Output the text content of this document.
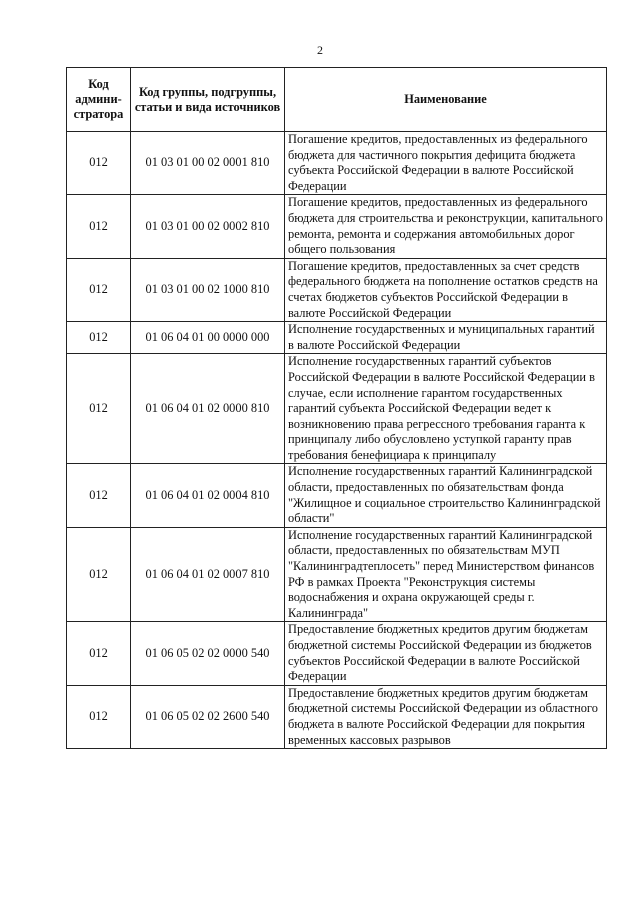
2
Код админи-стратора	Код группы, подгруппы, статьи и вида источников	Наименование
012	01 03 01 00 02 0001 810	Погашение кредитов, предоставленных из федерального бюджета для частичного покрытия дефицита бюджета субъекта Российской Федерации в валюте Российской Федерации
012	01 03 01 00 02 0002 810	Погашение кредитов, предоставленных из федерального бюджета для строительства и реконструкции, капитального ремонта, ремонта и содержания автомобильных дорог общего пользования
012	01 03 01 00 02 1000 810	Погашение кредитов, предоставленных за счет средств федерального бюджета на пополнение остатков средств на счетах бюджетов субъектов Российской Федерации в валюте Российской Федерации
012	01 06 04 01 00 0000 000	Исполнение государственных и муниципальных гарантий в валюте Российской Федерации
012	01 06 04 01 02 0000 810	Исполнение государственных гарантий субъектов Российской Федерации в валюте Российской Федерации в случае, если исполнение гарантом государственных гарантий субъекта Российской Федерации ведет к возникновению права регрессного требования гаранта к принципалу либо обусловлено уступкой гаранту прав требования бенефициара к принципалу
012	01 06 04 01 02 0004 810	Исполнение государственных гарантий Калининградской области, предоставленных по обязательствам фонда "Жилищное и социальное строительство Калининградской области"
012	01 06 04 01 02 0007 810	Исполнение государственных гарантий Калининградской области, предоставленных по обязательствам МУП "Калининградтеплосеть" перед Министерством финансов РФ в рамках Проекта "Реконструкция системы водоснабжения и охрана окружающей среды г. Калининграда"
012	01 06 05 02 02 0000 540	Предоставление бюджетных кредитов другим бюджетам бюджетной системы Российской Федерации из бюджетов субъектов Российской Федерации в валюте Российской Федерации
012	01 06 05 02 02 2600 540	Предоставление бюджетных кредитов другим бюджетам бюджетной системы Российской Федерации из областного бюджета в валюте Российской Федерации для покрытия временных кассовых разрывов
